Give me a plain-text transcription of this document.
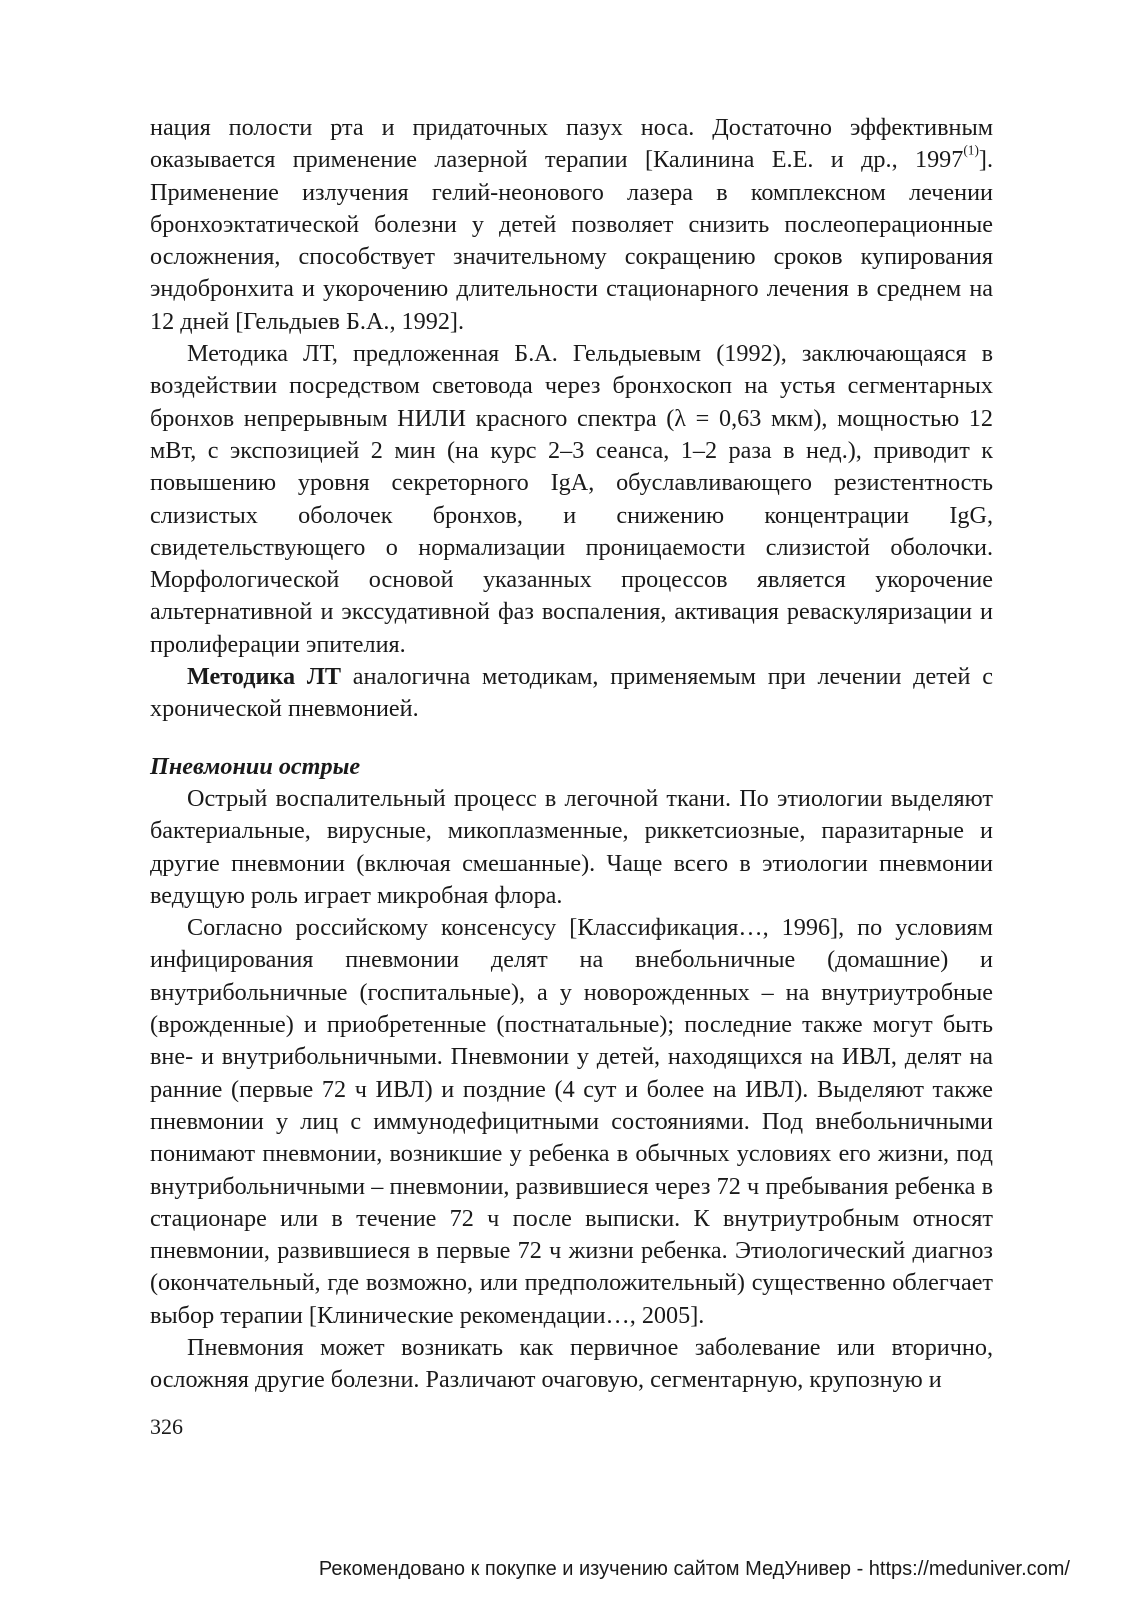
нация полости рта и придаточных пазух носа. Достаточно эффективным оказывается применение лазерной терапии [Калинина Е.Е. и др., 1997$^{(1)}$]. Применение излучения гелий-неонового лазера в комплексном лечении бронхоэктатической болезни у детей позволяет снизить послеоперационные осложнения, способствует значительному сокращению сроков купирования эндобронхита и укорочению длительности стационарного лечения в среднем на 12 дней [Гельдыев Б.А., 1992].

Методика ЛТ, предложенная Б.А. Гельдыевым (1992), заключающаяся в воздействии посредством световода через бронхоскоп на устья сегментарных бронхов непрерывным НИЛИ красного спектра (λ = 0,63 мкм), мощностью 12 мВт, с экспозицией 2 мин (на курс 2–3 сеанса, 1–2 раза в нед.), приводит к повышению уровня секреторного IgA, обуславливающего резистентность слизистых оболочек бронхов, и снижению концентрации IgG, свидетельствующего о нормализации проницаемости слизистой оболочки. Морфологической основой указанных процессов является укорочение альтернативной и экссудативной фаз воспаления, активация реваскуляризации и пролиферации эпителия.

Методика ЛТ аналогична методикам, применяемым при лечении детей с хронической пневмонией.

Пневмонии острые

Острый воспалительный процесс в легочной ткани. По этиологии выделяют бактериальные, вирусные, микоплазменные, риккетсиозные, паразитарные и другие пневмонии (включая смешанные). Чаще всего в этиологии пневмонии ведущую роль играет микробная флора.

Согласно российскому консенсусу [Классификация…, 1996], по условиям инфицирования пневмонии делят на внебольничные (домашние) и внутрибольничные (госпитальные), а у новорожденных – на внутриутробные (врожденные) и приобретенные (постнатальные); последние также могут быть вне- и внутрибольничными. Пневмонии у детей, находящихся на ИВЛ, делят на ранние (первые 72 ч ИВЛ) и поздние (4 сут и более на ИВЛ). Выделяют также пневмонии у лиц с иммунодефицитными состояниями. Под внебольничными понимают пневмонии, возникшие у ребенка в обычных условиях его жизни, под внутрибольничными – пневмонии, развившиеся через 72 ч пребывания ребенка в стационаре или в течение 72 ч после выписки. К внутриутробным относят пневмонии, развившиеся в первые 72 ч жизни ребенка. Этиологический диагноз (окончательный, где возможно, или предположительный) существенно облегчает выбор терапии [Клинические рекомендации…, 2005].

Пневмония может возникать как первичное заболевание или вторично, осложняя другие болезни. Различают очаговую, сегментарную, крупозную и

326
Рекомендовано к покупке и изучению сайтом МедУнивер - https://meduniver.com/
